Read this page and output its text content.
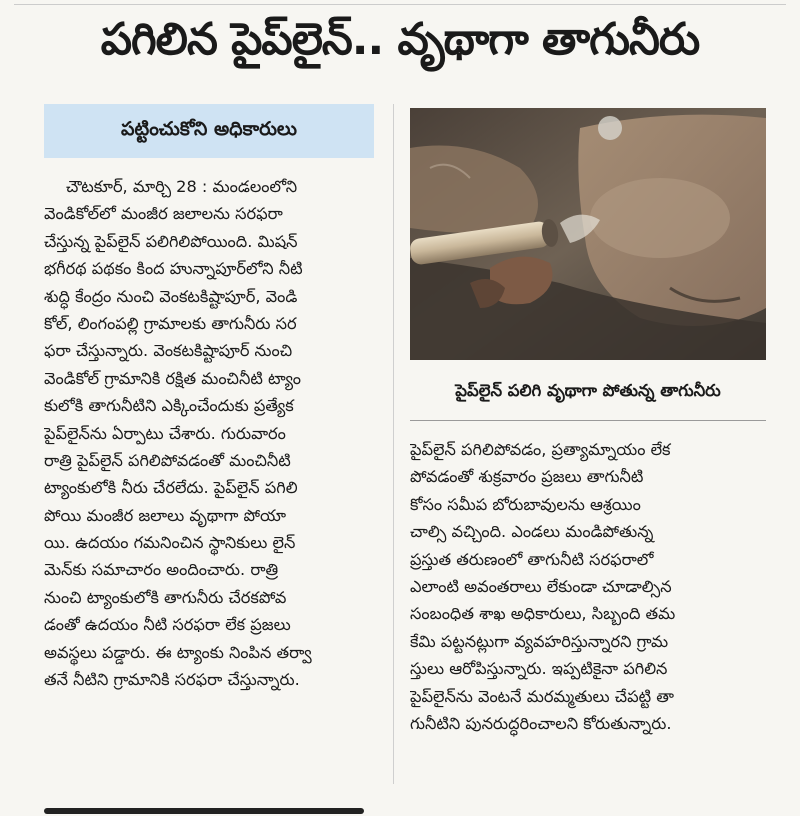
పగిలిన పైప్‌లైన్.. వృథాగా తాగునీరు
పట్టించుకోని అధికారులు
చౌటకూర్, మార్చి 28 : మండలంలోని
వెండికోల్‌లో మంజీర జలాలను సరఫరా
చేస్తున్న పైప్‌లైన్ పలిగిలిపోయింది. మిషన్
భగీరథ పథకం కింద హున్నాపూర్‌లోని నీటి
శుద్ధి కేంద్రం నుంచి వెంకటకిష్టాపూర్, వెండి
కోల్, లింగంపల్లి గ్రామాలకు తాగునీరు సర
ఫరా చేస్తున్నారు. వెంకటకిష్టాపూర్ నుంచి
వెండికోల్ గ్రామానికి రక్షిత మంచినీటి ట్యాం
కులోకి తాగునీటిని ఎక్కించేందుకు ప్రత్యేక
పైప్‌లైన్‌ను ఏర్పాటు చేశారు. గురువారం
రాత్రి పైప్‌లైన్ పగిలిపోవడంతో మంచినీటి
ట్యాంకులోకి నీరు చేరలేదు. పైప్‌లైన్ పగిలి
పోయి మంజీర జలాలు వృథాగా పోయా
యి. ఉదయం గమనించిన స్థానికులు లైన్
మెన్‌కు సమాచారం అందించారు. రాత్రి
నుంచి ట్యాంకులోకి తాగునీరు చేరకపోవ
డంతో ఉదయం నీటి సరఫరా లేక ప్రజలు
అవస్థలు పడ్డారు. ఈ ట్యాంకు నింపిన తర్వా
తనే నీటిని గ్రామానికి సరఫరా చేస్తున్నారు.
పైప్‌లైన్ పలిగి వృథాగా పోతున్న తాగునీరు
పైప్‌లైన్ పగిలిపోవడం, ప్రత్యామ్నాయం లేక
పోవడంతో శుక్రవారం ప్రజలు తాగునీటి
కోసం సమీప బోరుబావులను ఆశ్రయిం
చాల్సి వచ్చింది. ఎండలు మండిపోతున్న
ప్రస్తుత తరుణంలో తాగునీటి సరఫరాలో
ఎలాంటి అవంతరాలు లేకుండా చూడాల్సిన
సంబంధిత శాఖ అధికారులు, సిబ్బంది తమ
కేమి పట్టనట్లుగా వ్యవహరిస్తున్నారని గ్రామ
స్తులు ఆరోపిస్తున్నారు. ఇప్పటికైనా పగిలిన
పైప్‌లైన్‌ను వెంటనే మరమ్మతులు చేపట్టి తా
గునీటిని పునరుద్ధరించాలని కోరుతున్నారు.
